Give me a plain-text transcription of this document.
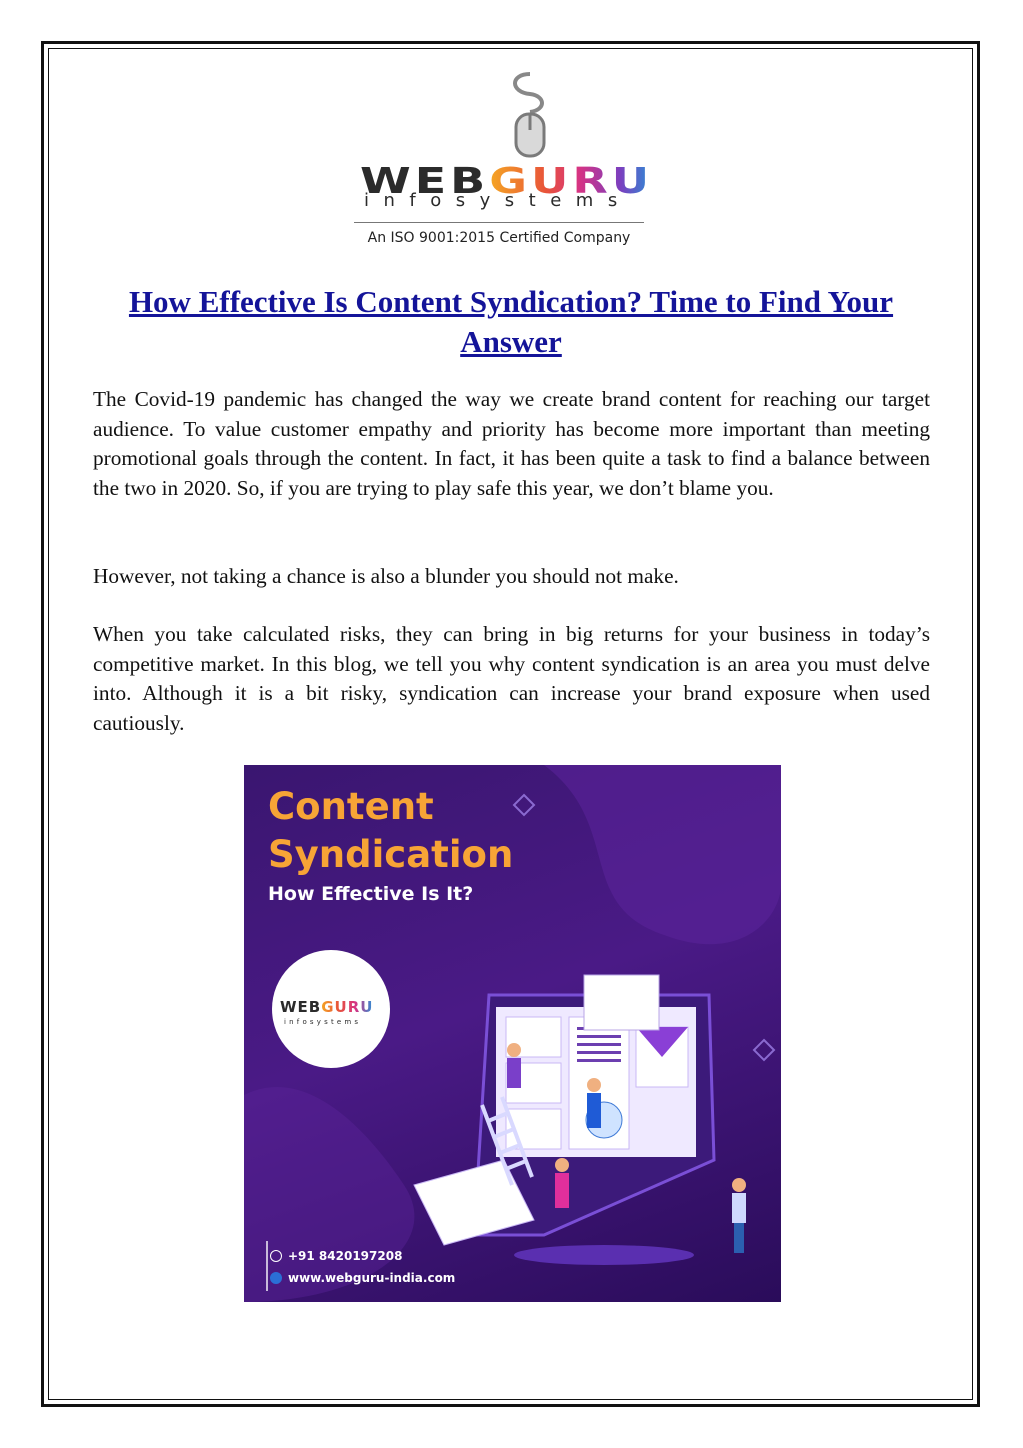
WEB GURU
infosystems
An ISO 9001:2015 Certified Company
How Effective Is Content Syndication? Time to Find Your Answer

The Covid-19 pandemic has changed the way we create brand content for reaching our target audience. To value customer empathy and priority has become more important than meeting promotional goals through the content. In fact, it has been quite a task to find a balance between the two in 2020. So, if you are trying to play safe this year, we don’t blame you.

However, not taking a chance is also a blunder you should not make.

When you take calculated risks, they can bring in big returns for your business in today’s competitive market. In this blog, we tell you why content syndication is an area you must delve into. Although it is a bit risky, syndication can increase your brand exposure when used cautiously.

Content
Syndication

How Effective Is It?

WEBGURU
infosystems
+91 8420197208
www.webguru-india.com
